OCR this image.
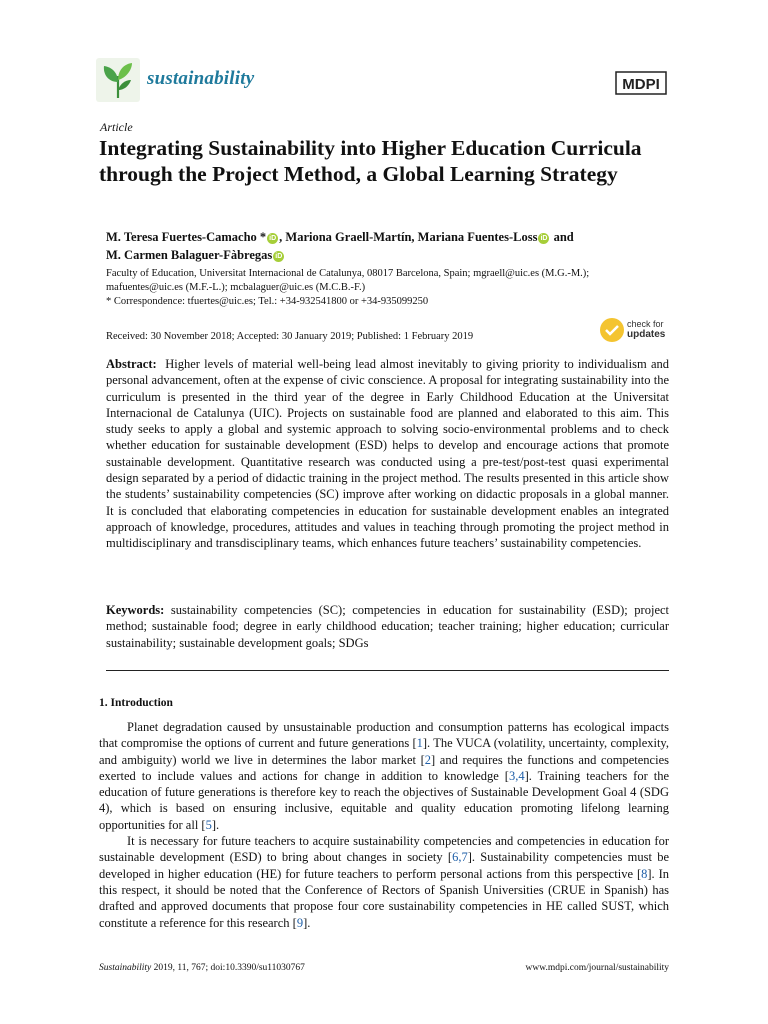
sustainability	MDPI
Article
Integrating Sustainability into Higher Education Curricula through the Project Method, a Global Learning Strategy
M. Teresa Fuertes-Camacho * iD , Mariona Graell-Martín, Mariana Fuentes-Loss iD and
M. Carmen Balaguer-Fàbregas iD
Faculty of Education, Universitat Internacional de Catalunya, 08017 Barcelona, Spain; mgraell@uic.es (M.G.-M.);
mafuentes@uic.es (M.F.-L.); mcbalaguer@uic.es (M.C.B.-F.)
* Correspondence: tfuertes@uic.es; Tel.: +34-932541800 or +34-935099250
Received: 30 November 2018; Accepted: 30 January 2019; Published: 1 February 2019
check for
updates
Abstract: Higher levels of material well-being lead almost inevitably to giving priority to individualism and personal advancement, often at the expense of civic conscience. A proposal for integrating sustainability into the curriculum is presented in the third year of the degree in Early Childhood Education at the Universitat Internacional de Catalunya (UIC). Projects on sustainable food are planned and elaborated to this aim. This study seeks to apply a global and systemic approach to solving socio-environmental problems and to check whether education for sustainable development (ESD) helps to develop and encourage actions that promote sustainable development. Quantitative research was conducted using a pre-test/post-test quasi experimental design separated by a period of didactic training in the project method. The results presented in this article show the students’ sustainability competencies (SC) improve after working on didactic proposals in a global manner. It is concluded that elaborating competencies in education for sustainable development enables an integrated approach of knowledge, procedures, attitudes and values in teaching through promoting the project method in multidisciplinary and transdisciplinary teams, which enhances future teachers’ sustainability competencies.
Keywords: sustainability competencies (SC); competencies in education for sustainability (ESD); project method; sustainable food; degree in early childhood education; teacher training; higher education; curricular sustainability; sustainable development goals; SDGs
1. Introduction

Planet degradation caused by unsustainable production and consumption patterns has ecological impacts that compromise the options of current and future generations [1]. The VUCA (volatility, uncertainty, complexity, and ambiguity) world we live in determines the labor market [2] and requires the functions and competencies exerted to include values and actions for change in addition to knowledge [3,4]. Training teachers for the education of future generations is therefore key to reach the objectives of Sustainable Development Goal 4 (SDG 4), which is based on ensuring inclusive, equitable and quality education promoting lifelong learning opportunities for all [5].

It is necessary for future teachers to acquire sustainability competencies and competencies in education for sustainable development (ESD) to bring about changes in society [6,7]. Sustainability competencies must be developed in higher education (HE) for future teachers to perform personal actions from this perspective [8]. In this respect, it should be noted that the Conference of Rectors of Spanish Universities (CRUE in Spanish) has drafted and approved documents that propose four core sustainability competencies in HE called SUST, which constitute a reference for this research [9].

Sustainability 2019, 11, 767; doi:10.3390/su11030767	www.mdpi.com/journal/sustainability
